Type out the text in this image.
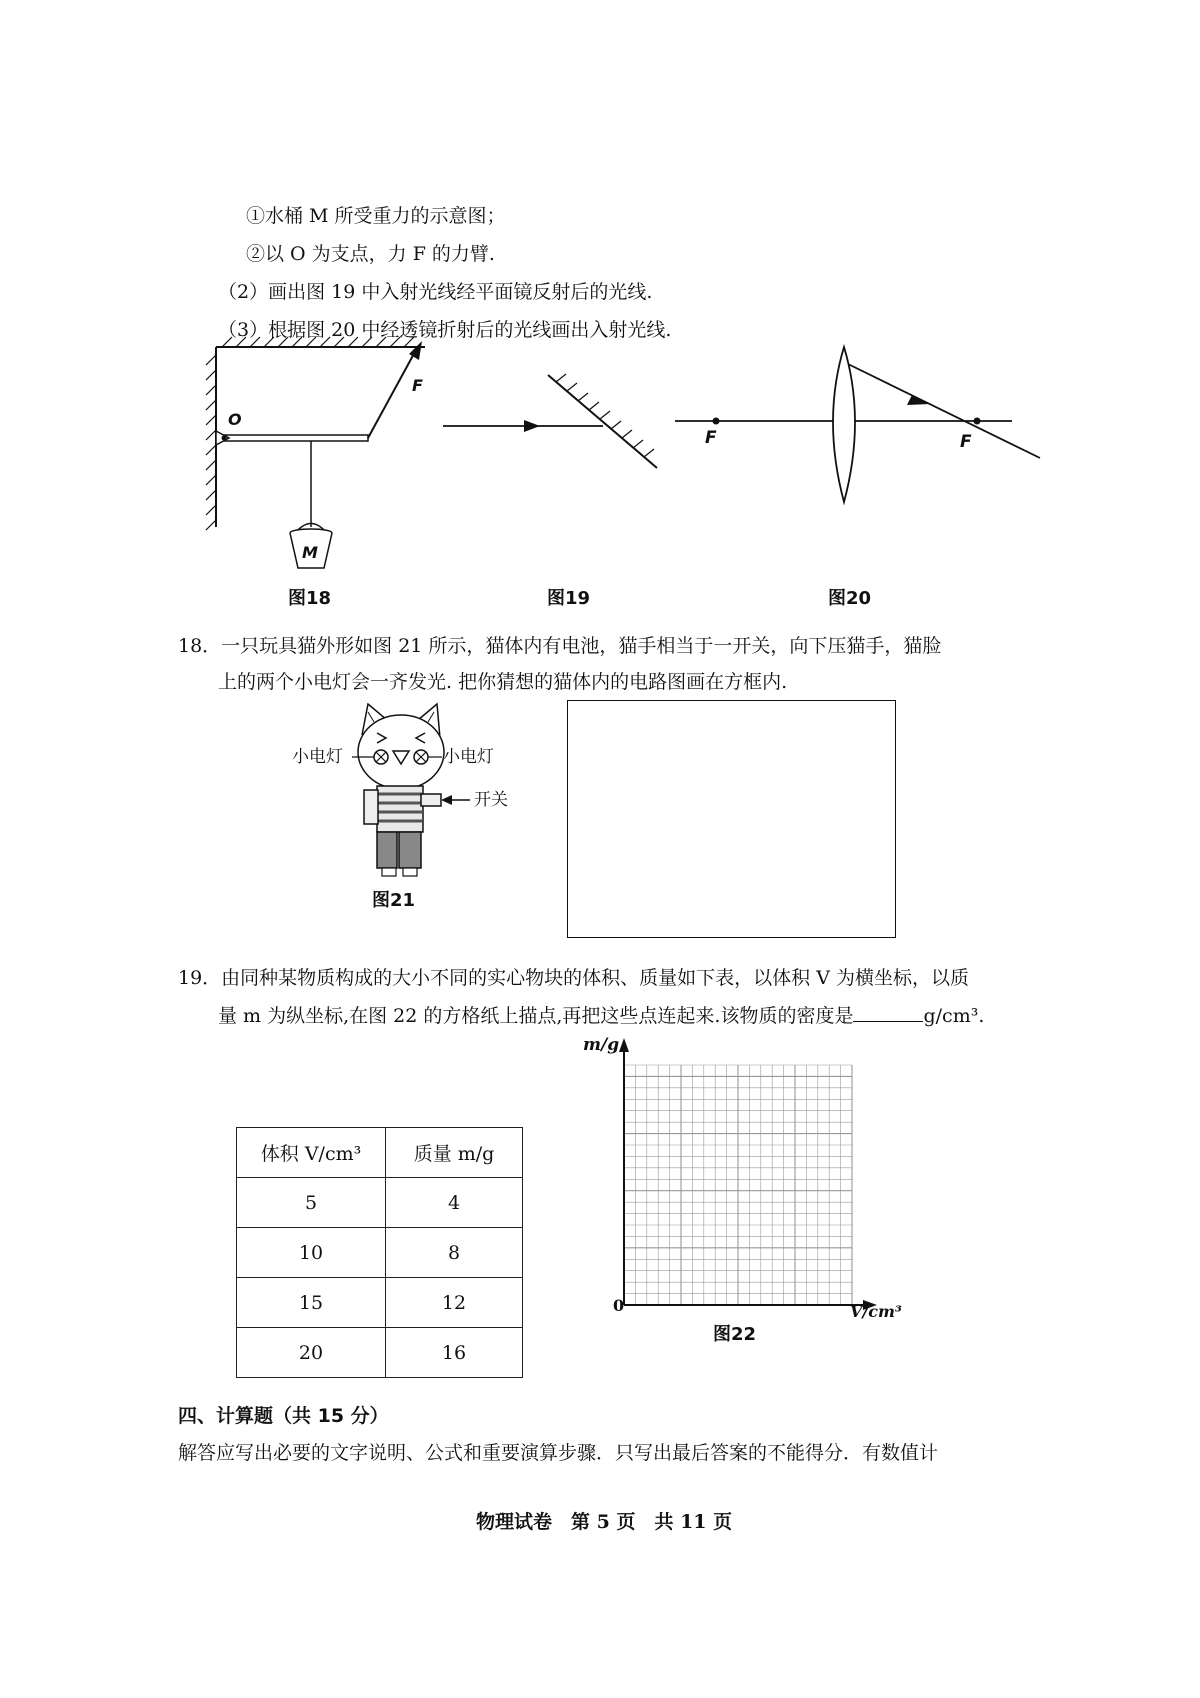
①水桶 M 所受重力的示意图；
②以 O 为支点，力 F 的力臂.
（2）画出图 19 中入射光线经平面镜反射后的光线.
（3）根据图 20 中经透镜折射后的光线画出入射光线.
O
F
M
图18	图19
F	F
图20
18．一只玩具猫外形如图 21 所示，猫体内有电池，猫手相当于一开关，向下压猫手，猫脸
上的两个小电灯会一齐发光. 把你猜想的猫体内的电路图画在方框内.
小电灯	小电灯
开关
图21
19．由同种某物质构成的大小不同的实心物块的体积、质量如下表，以体积 V 为横坐标，以质
量 m 为纵坐标,在图 22 的方格纸上描点,再把这些点连起来.该物质的密度是	g/cm³.
体积 V/cm³	质量 m/g
5	4
10	8
15	12
20	16
m/g
V/cm³
0
图22
四、计算题（共 15 分）
解答应写出必要的文字说明、公式和重要演算步骤．只写出最后答案的不能得分．有数值计
物理试卷　第 5 页　共 11 页
